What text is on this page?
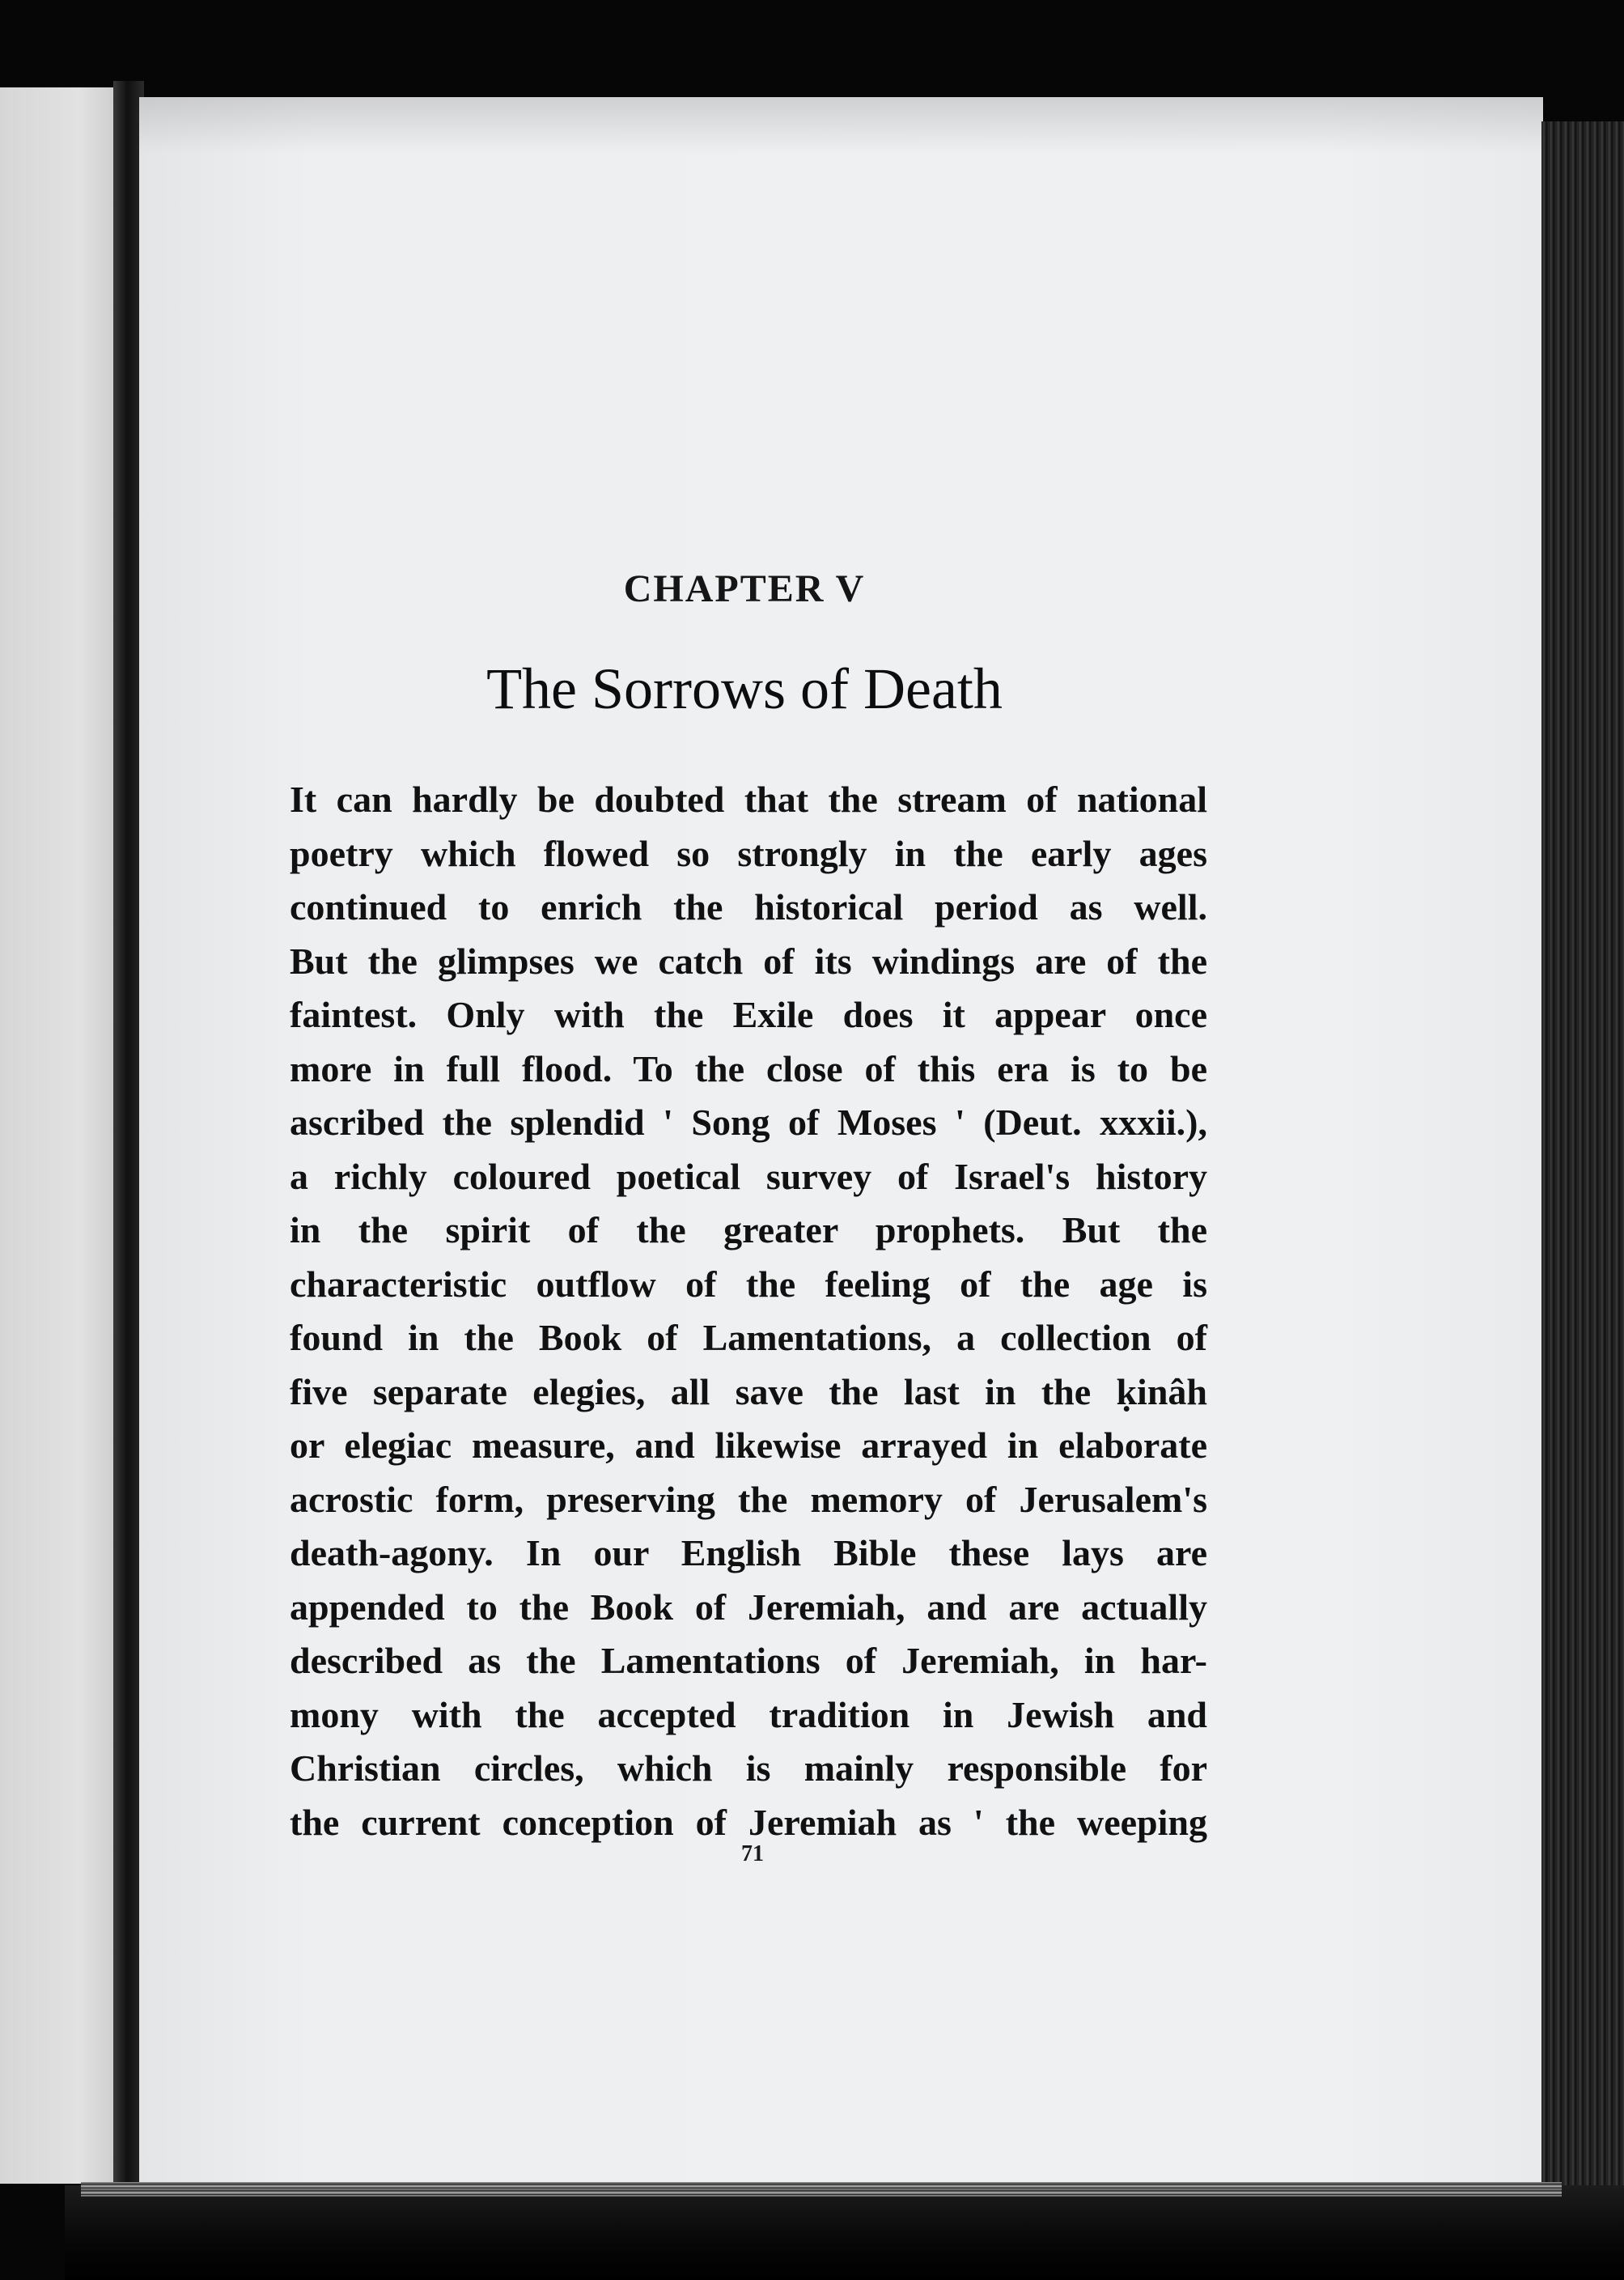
CHAPTER V
The Sorrows of Death
It can hardly be doubted that the stream of national
poetry which flowed so strongly in the early ages
continued to enrich the historical period as well.
But the glimpses we catch of its windings are of the
faintest. Only with the Exile does it appear once
more in full flood. To the close of this era is to be
ascribed the splendid ' Song of Moses ' (Deut. xxxii.),
a richly coloured poetical survey of Israel's history
in the spirit of the greater prophets. But the
characteristic outflow of the feeling of the age is
found in the Book of Lamentations, a collection of
five separate elegies, all save the last in the ḳinâh
or elegiac measure, and likewise arrayed in elaborate
acrostic form, preserving the memory of Jerusalem's
death-agony. In our English Bible these lays are
appended to the Book of Jeremiah, and are actually
described as the Lamentations of Jeremiah, in har-
mony with the accepted tradition in Jewish and
Christian circles, which is mainly responsible for
the current conception of Jeremiah as ' the weeping
71
